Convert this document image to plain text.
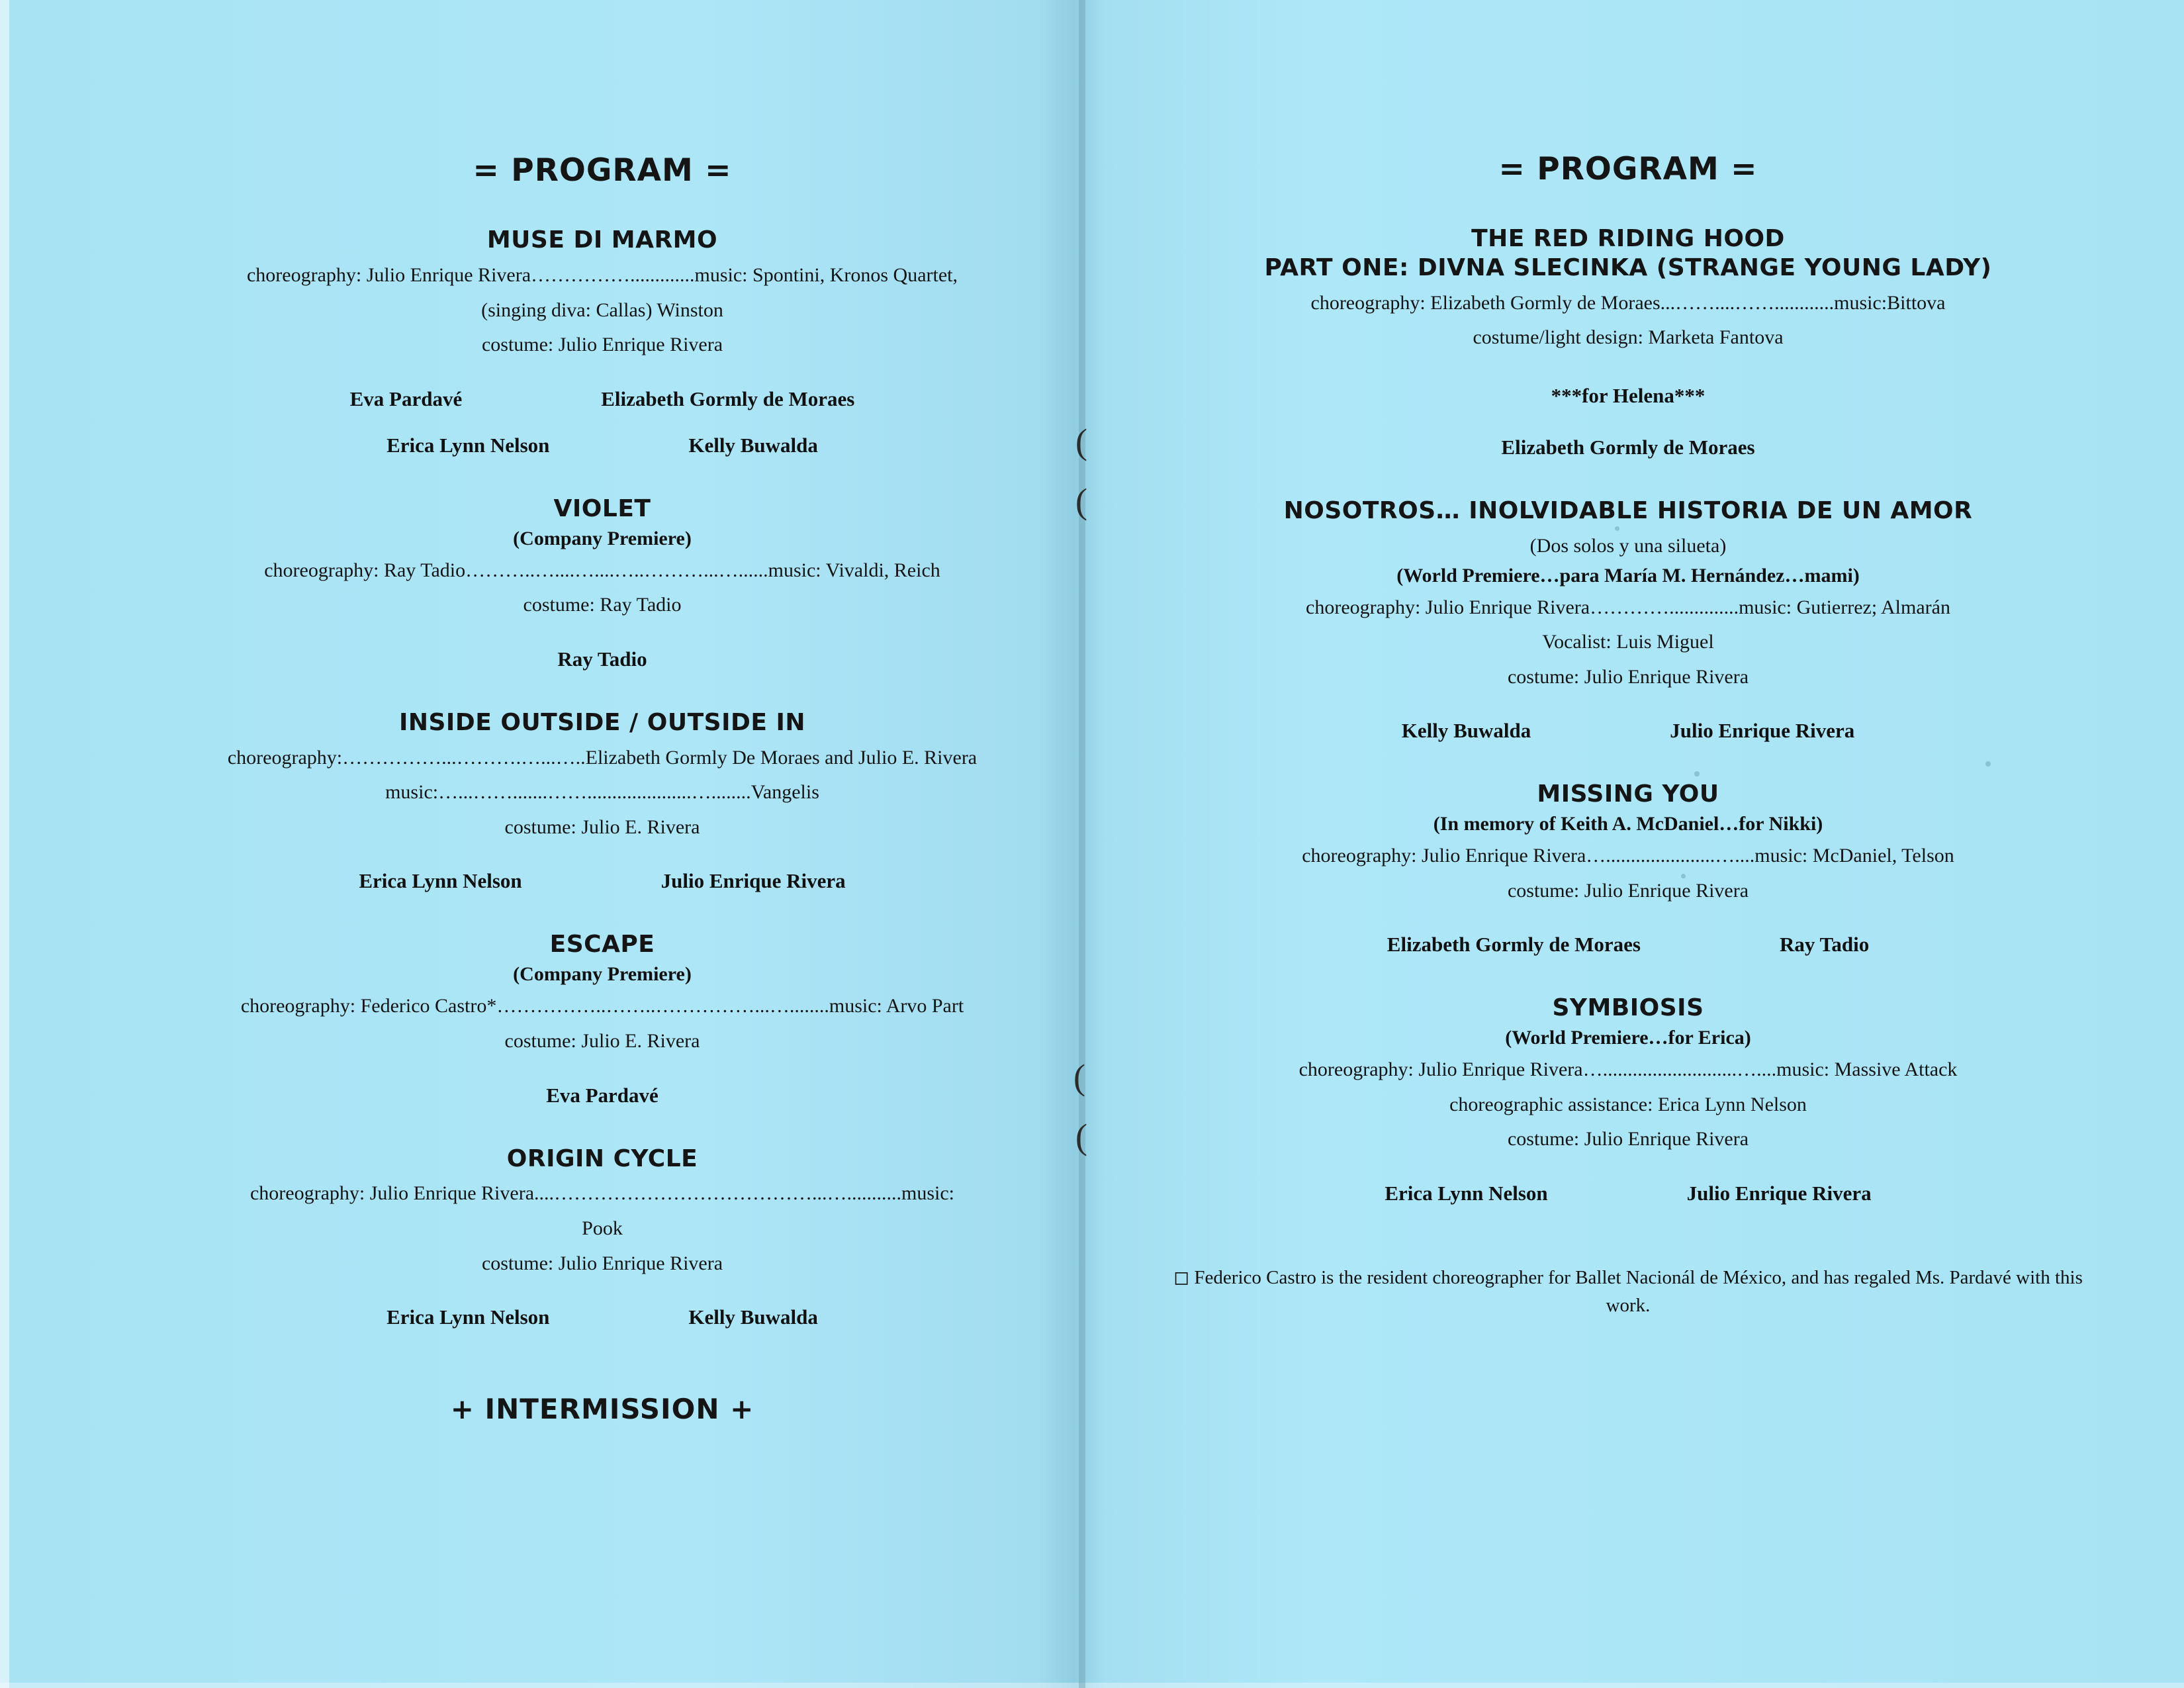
(
(
(
(
= PROGRAM =
MUSE DI MARMO
choreography: Julio Enrique Rivera…………….............music: Spontini, Kronos Quartet,
(singing diva: Callas) Winston
costume: Julio Enrique Rivera
Eva Pardavé	Elizabeth Gormly de Moraes
Erica Lynn Nelson	Kelly Buwalda
VIOLET
(Company Premiere)
choreography: Ray Tadio………..…....…....…..………...…......music: Vivaldi, Reich
costume: Ray Tadio
Ray Tadio
INSIDE OUTSIDE / OUTSIDE IN
choreography:……………...……….…...…..Elizabeth Gormly De Moraes and Julio E. Rivera
music:…...…….......…….....................…........Vangelis
costume: Julio E. Rivera
Erica Lynn Nelson	Julio Enrique Rivera
ESCAPE
(Company Premiere)
choreography: Federico Castro*……………..……..……………...…........music: Arvo Part
costume: Julio E. Rivera
Eva Pardavé
ORIGIN CYCLE
choreography: Julio Enrique Rivera....…………………………………...…...........music:
Pook
costume: Julio Enrique Rivera
Erica Lynn Nelson	Kelly Buwalda
+ INTERMISSION +
= PROGRAM =
THE RED RIDING HOOD
PART ONE: DIVNA SLECINKA (STRANGE YOUNG LADY)
choreography: Elizabeth Gormly de Moraes...……....……............music:Bittova
costume/light design: Marketa Fantova
***for Helena***
Elizabeth Gormly de Moraes
NOSOTROS… INOLVIDABLE HISTORIA DE UN AMOR
(Dos solos y una silueta)
(World Premiere…para María M. Hernández…mami)
choreography: Julio Enrique Rivera…………..............music: Gutierrez; Almarán
Vocalist: Luis Miguel
costume: Julio Enrique Rivera
Kelly Buwalda	Julio Enrique Rivera
MISSING YOU
(In memory of Keith A. McDaniel…for Nikki)
choreography: Julio Enrique Rivera…......................…....music: McDaniel, Telson
costume: Julio Enrique Rivera
Elizabeth Gormly de Moraes	Ray Tadio
SYMBIOSIS
(World Premiere…for Erica)
choreography: Julio Enrique Rivera…...........................…....music: Massive Attack
choreographic assistance: Erica Lynn Nelson
costume: Julio Enrique Rivera
Erica Lynn Nelson	Julio Enrique Rivera
◻ Federico Castro is the resident choreographer for Ballet Nacionál de México, and has regaled Ms. Pardavé with this work.
